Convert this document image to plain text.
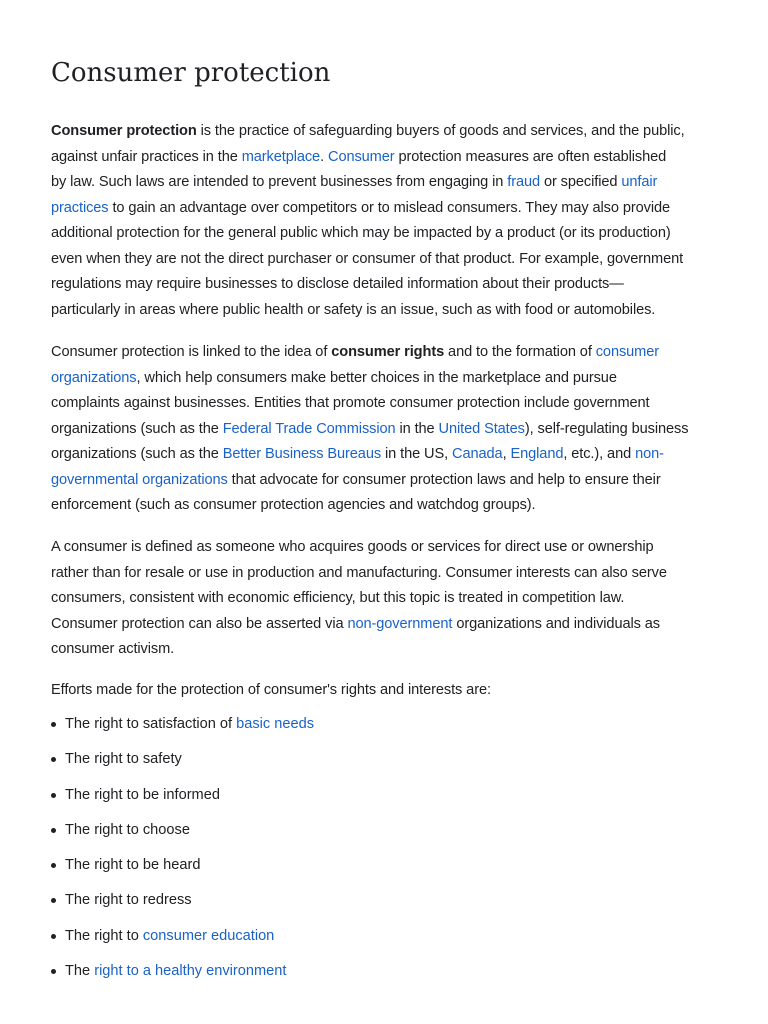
Consumer protection

Consumer protection is the practice of safeguarding buyers of goods and services, and the public,
against unfair practices in the marketplace. Consumer protection measures are often established
by law. Such laws are intended to prevent businesses from engaging in fraud or specified unfair
practices to gain an advantage over competitors or to mislead consumers. They may also provide
additional protection for the general public which may be impacted by a product (or its production)
even when they are not the direct purchaser or consumer of that product. For example, government
regulations may require businesses to disclose detailed information about their products—
particularly in areas where public health or safety is an issue, such as with food or automobiles.

Consumer protection is linked to the idea of consumer rights and to the formation of consumer
organizations, which help consumers make better choices in the marketplace and pursue
complaints against businesses. Entities that promote consumer protection include government
organizations (such as the Federal Trade Commission in the United States), self-regulating business
organizations (such as the Better Business Bureaus in the US, Canada, England, etc.), and non-
governmental organizations that advocate for consumer protection laws and help to ensure their
enforcement (such as consumer protection agencies and watchdog groups).

A consumer is defined as someone who acquires goods or services for direct use or ownership
rather than for resale or use in production and manufacturing. Consumer interests can also serve
consumers, consistent with economic efficiency, but this topic is treated in competition law.
Consumer protection can also be asserted via non-government organizations and individuals as
consumer activism.

Efforts made for the protection of consumer's rights and interests are:

The right to satisfaction of basic needs
The right to safety
The right to be informed
The right to choose
The right to be heard
The right to redress
The right to consumer education
The right to a healthy environment
